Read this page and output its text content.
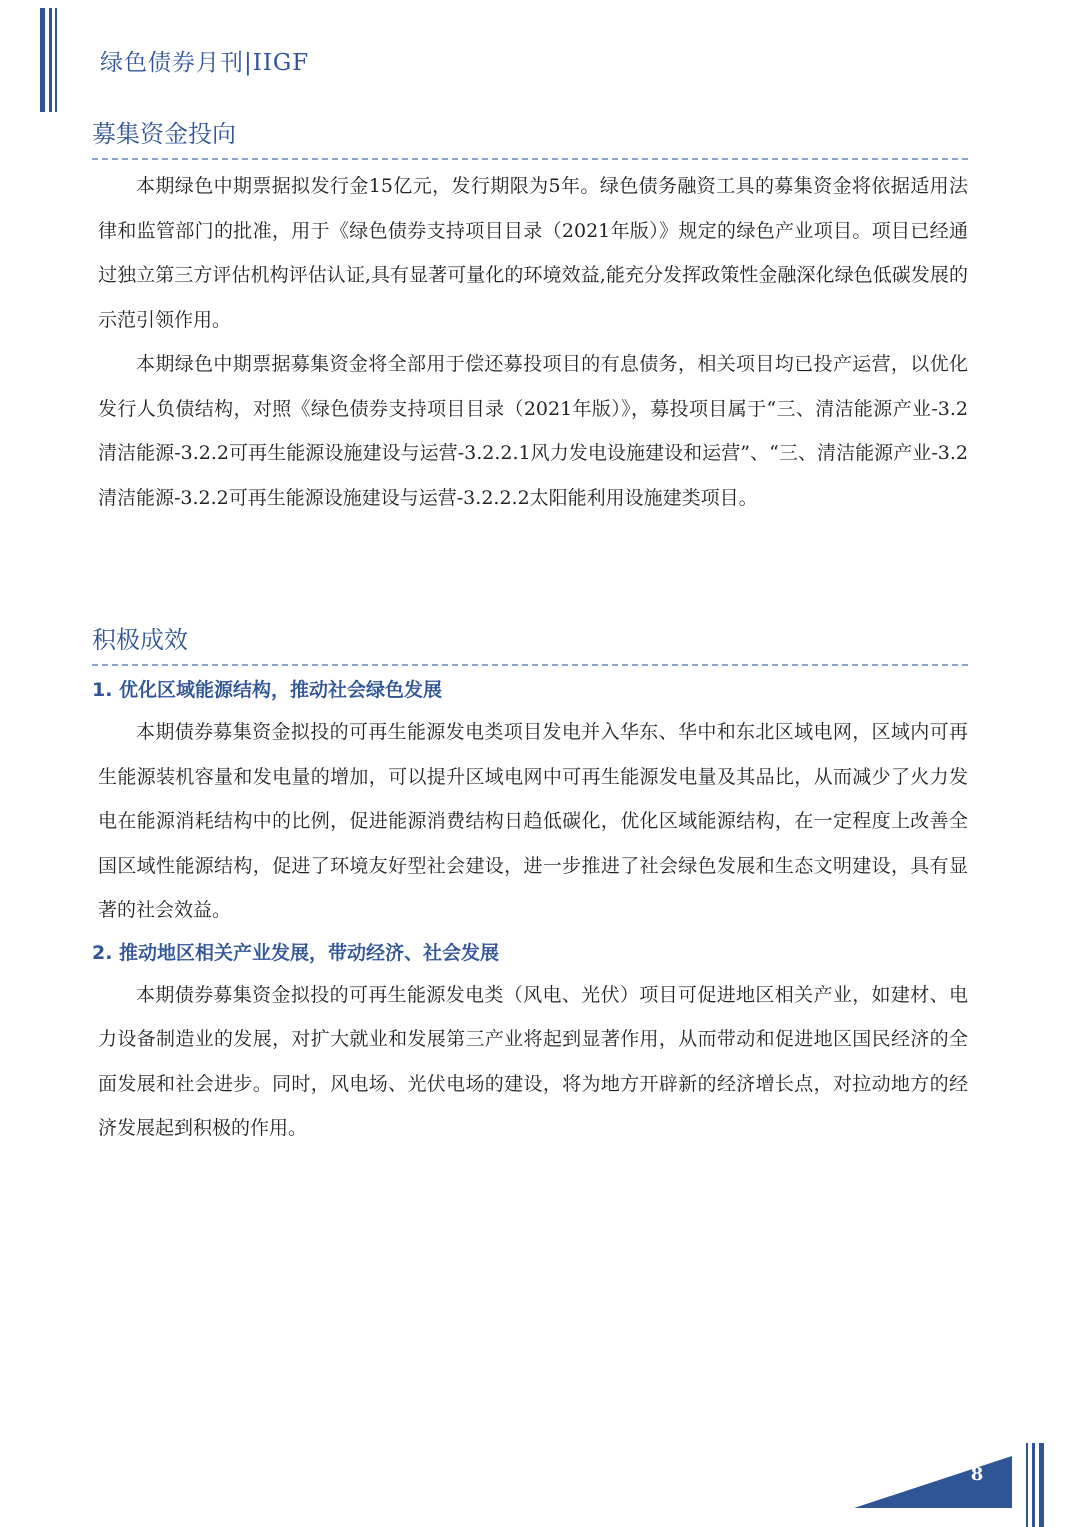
绿色债券月刊|IIGF
募集资金投向

本期绿色中期票据拟发行金15亿元，发行期限为5年。绿色债务融资工具的募集资金将依据适用法律和监管部门的批准，用于《绿色债券支持项目目录（2021年版）》规定的绿色产业项目。项目已经通过独立第三方评估机构评估认证,具有显著可量化的环境效益,能充分发挥政策性金融深化绿色低碳发展的示范引领作用。

本期绿色中期票据募集资金将全部用于偿还募投项目的有息债务，相关项目均已投产运营，以优化发行人负债结构，对照《绿色债券支持项目目录（2021年版）》，募投项目属于“三、清洁能源产业-3.2清洁能源-3.2.2可再生能源设施建设与运营-3.2.2.1风力发电设施建设和运营”、“三、清洁能源产业-3.2清洁能源-3.2.2可再生能源设施建设与运营-3.2.2.2太阳能利用设施建类项目。

积极成效
1. 优化区域能源结构，推动社会绿色发展

本期债券募集资金拟投的可再生能源发电类项目发电并入华东、华中和东北区域电网，区域内可再生能源装机容量和发电量的增加，可以提升区域电网中可再生能源发电量及其品比，从而减少了火力发电在能源消耗结构中的比例，促进能源消费结构日趋低碳化，优化区域能源结构，在一定程度上改善全国区域性能源结构，促进了环境友好型社会建设，进一步推进了社会绿色发展和生态文明建设，具有显著的社会效益。

2. 推动地区相关产业发展，带动经济、社会发展

本期债券募集资金拟投的可再生能源发电类（风电、光伏）项目可促进地区相关产业，如建材、电力设备制造业的发展，对扩大就业和发展第三产业将起到显著作用，从而带动和促进地区国民经济的全面发展和社会进步。同时，风电场、光伏电场的建设，将为地方开辟新的经济增长点，对拉动地方的经济发展起到积极的作用。

8
